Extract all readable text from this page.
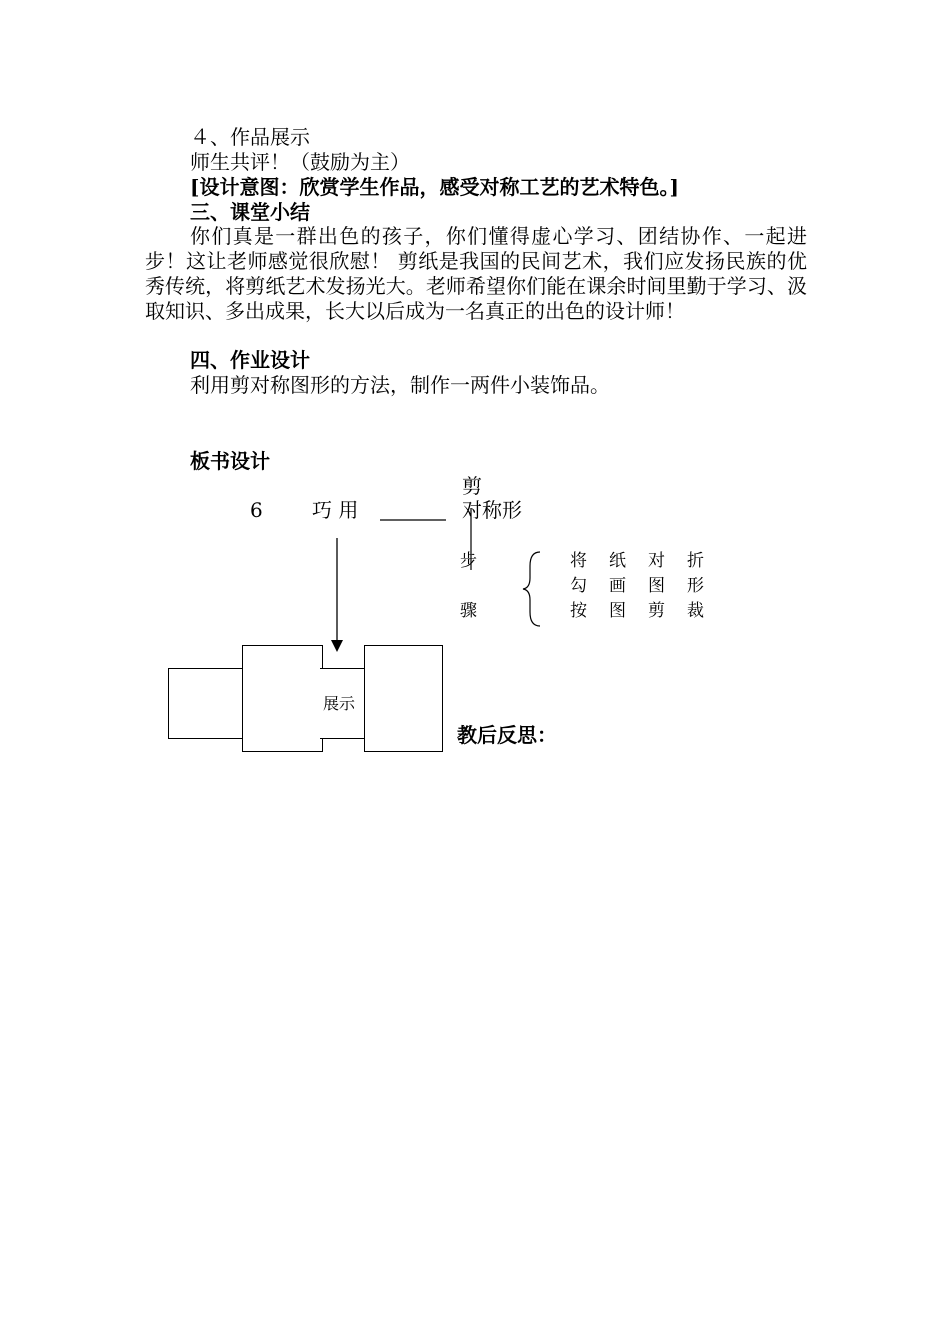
４、作品展示
师生共评！（鼓励为主）
[设计意图：欣赏学生作品，感受对称工艺的艺术特色。]
三、课堂小结
你们真是一群出色的孩子，你们懂得虚心学习、团结协作、一起进步！这让老师感觉很欣慰！ 剪纸是我国的民间艺术，我们应发扬民族的优秀传统，将剪纸艺术发扬光大。老师希望你们能在课余时间里勤于学习、汲取知识、多出成果，长大以后成为一名真正的出色的设计师！
四、作业设计
利用剪对称图形的方法，制作一两件小装饰品。
板书设计
6 巧 用
剪
对称形
步
骤
将 纸 对 折
勾 画 图 形
按 图 剪 裁
展示
教后反思：
